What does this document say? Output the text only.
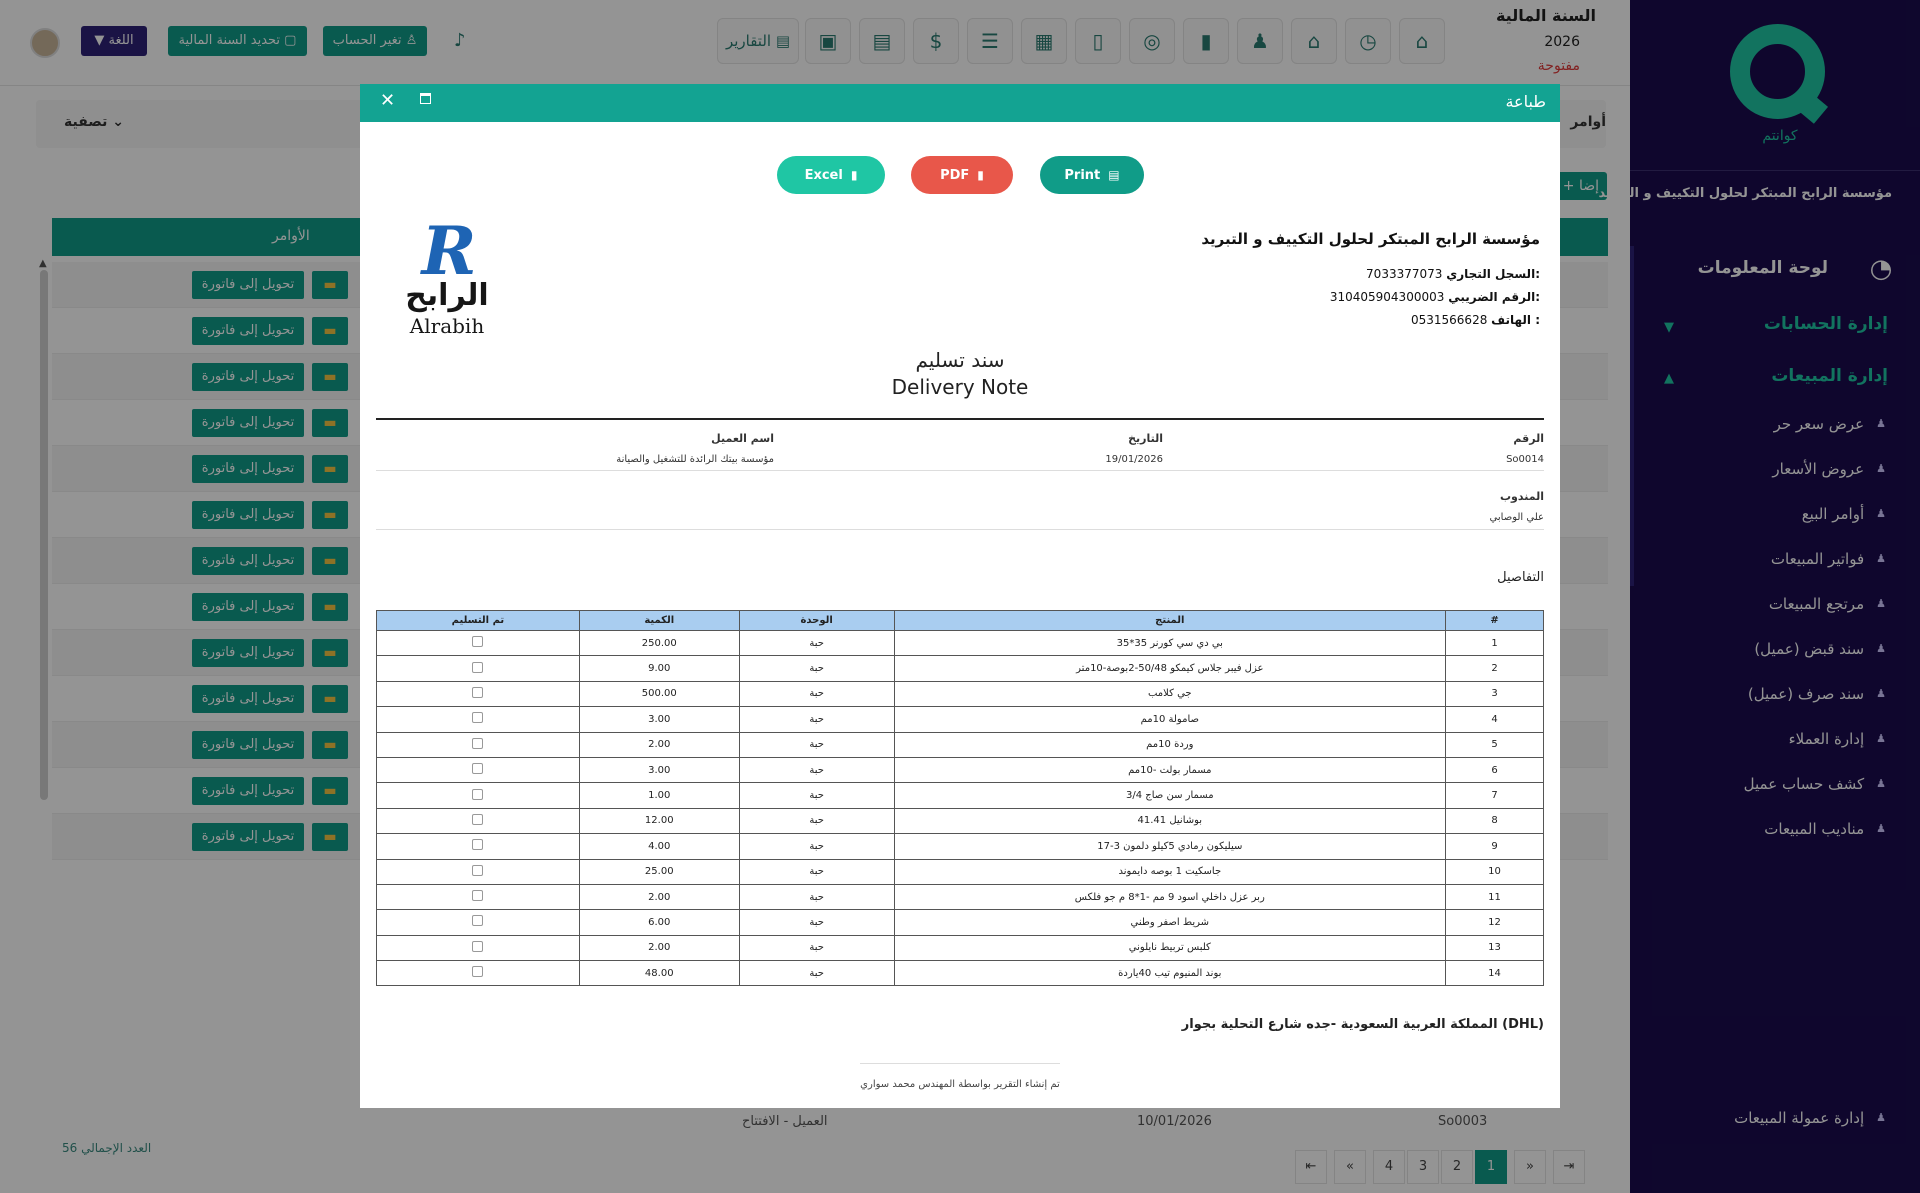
▼ اللغة	تحديد السنة المالية ▢	تغير الحساب ♙	♪	التقارير ▤	▣	▤	$	☰	▦	▯	◎	▮	♟	⌂	◷	⌂
السنة المالية
2026
مفتوحة
تصفية ⌄	أوامر
+ إضا
الأوامر
▲
تحويل إلى فاتورة	▬
تحويل إلى فاتورة	▬
تحويل إلى فاتورة	▬
تحويل إلى فاتورة	▬
تحويل إلى فاتورة	▬
تحويل إلى فاتورة	▬
تحويل إلى فاتورة	▬
تحويل إلى فاتورة	▬
تحويل إلى فاتورة	▬
تحويل إلى فاتورة	▬
تحويل إلى فاتورة	▬
تحويل إلى فاتورة	▬
تحويل إلى فاتورة	▬
So0003
10/01/2026
العميل - الافتتاح
العدد الإجمالي 56
⇤	«	4	3	2	1	»	⇥
كوانتم
مؤسسة الرابح المبتكر لحلول التكييف و التبريد
◔
لوحة المعلومات
إدارة الحسابات
▼
إدارة المبيعات
▲
عرض سعر حر ♟
عروض الأسعار ♟
أوامر البيع ♟
فواتير المبيعات ♟
مرتجع المبيعات ♟
سند قبض (عميل) ♟
سند صرف (عميل) ♟
إدارة العملاء ♟
كشف حساب عميل ♟
مناديب المبيعات ♟
إدارة عمولة المبيعات ♟
✕	طباعة
Excel ▮	PDF ▮	Print ▤
R
الرابح
Alrabih
مؤسسة الرابح المبتكر لحلول التكييف و التبريد
7033377073 السجل التجاري:
310405904300003 الرقم الضريبي:
0531566628 الهاتف :
سند تسليم
Delivery Note
الرقم
So0014
التاريخ
19/01/2026
اسم العميل
مؤسسة بيتك الرائدة للتشغيل والصيانة
المندوب
علي الوصابي
التفاصيل
تم التسليم	الكمية	الوحدة	المنتج	#
	250.00	حبة	بي دي سي كورنر 35*35	1
	9.00	حبة	عزل فيبر جلاس كيمكو 50/48-2بوصة-10متر	2
	500.00	حبة	جي كلامب	3
	3.00	حبة	صامولة 10مم	4
	2.00	حبة	وردة 10مم	5
	3.00	حبة	مسمار بولت -10مم	6
	1.00	حبة	مسمار سن صاج 3/4	7
	12.00	حبة	بوشانيل 41.41	8
	4.00	حبة	سيليكون رمادي 5كيلو دلمون 3-17	9
	25.00	حبة	جاسكيت 1 بوصه دايموند	10
	2.00	حبة	ربر عزل داخلي اسود 9 مم -1*8 م جو فلكس	11
	6.00	حبة	شريط اصفر وطني	12
	2.00	حبة	كلبس تربيط نايلوني	13
	48.00	حبة	بوند المنيوم تيب 40ياردة	14
المملكة العربية السعودية -جده شارع التحلية بجوار (DHL)
تم إنشاء التقرير بواسطة المهندس محمد سواري
